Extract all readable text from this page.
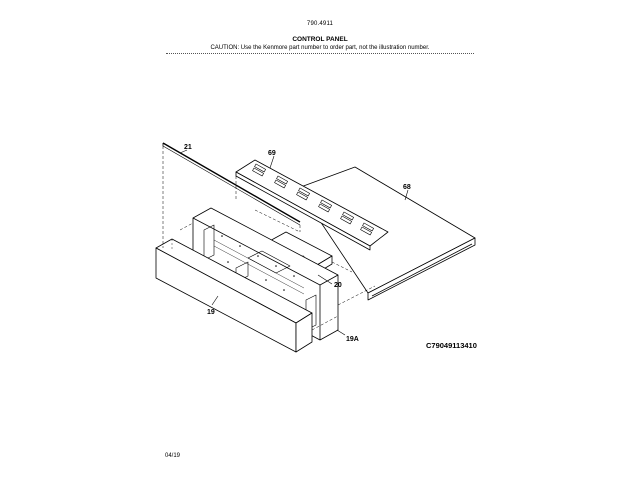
790.4911
CONTROL PANEL
CAUTION: Use the Kenmore part number to order part, not the illustration number.
21
69
68
20
19
19A
C79049113410
04/19
